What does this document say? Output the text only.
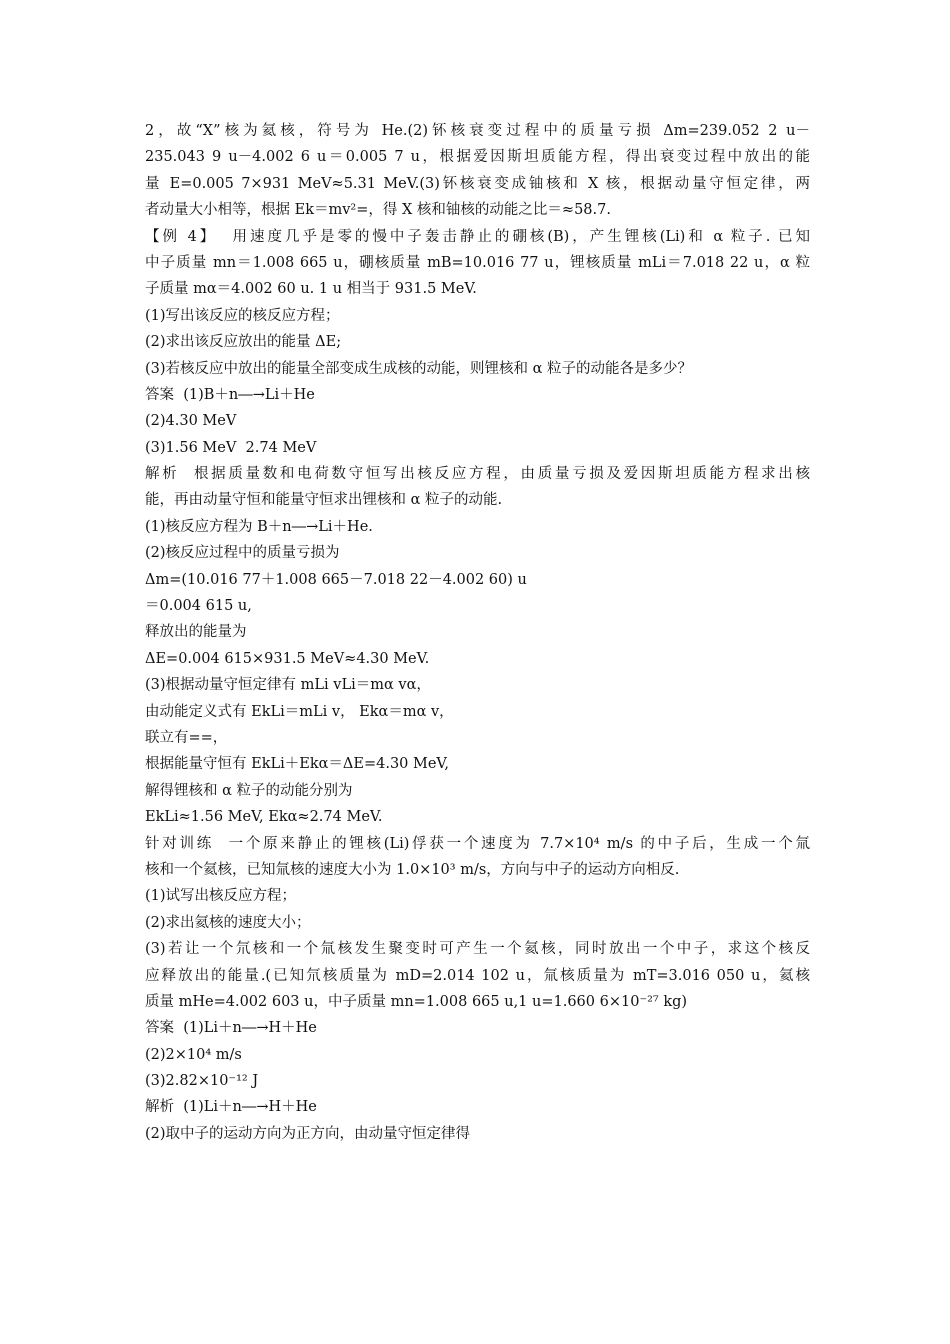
2，故“X”核为氦核，符号为 He.(2)钚核衰变过程中的质量亏损 Δm=239.052 2 u－
235.043 9 u－4.002 6 u＝0.005 7 u，根据爱因斯坦质能方程，得出衰变过程中放出的能
量 E=0.005 7×931 MeV≈5.31 MeV.(3)钚核衰变成铀核和 X 核，根据动量守恒定律，两
者动量大小相等，根据 Ek＝mv²=，得 X 核和铀核的动能之比＝≈58.7.
【例 4】  用速度几乎是零的慢中子轰击静止的硼核(B)，产生锂核(Li)和 α 粒子. 已知
中子质量 mn＝1.008 665 u，硼核质量 mB=10.016 77 u，锂核质量 mLi＝7.018 22 u，α 粒
子质量 mα＝4.002 60 u. 1 u 相当于 931.5 MeV.
(1)写出该反应的核反应方程；
(2)求出该反应放出的能量 ΔE;
(3)若核反应中放出的能量全部变成生成核的动能，则锂核和 α 粒子的动能各是多少？
答案  (1)B＋n―→Li＋He
(2)4.30 MeV
(3)1.56 MeV  2.74 MeV
解析  根据质量数和电荷数守恒写出核反应方程，由质量亏损及爱因斯坦质能方程求出核
能，再由动量守恒和能量守恒求出锂核和 α 粒子的动能.
(1)核反应方程为 B＋n―→Li＋He.
(2)核反应过程中的质量亏损为
Δm=(10.016 77＋1.008 665－7.018 22－4.002 60) u
＝0.004 615 u,
释放出的能量为
ΔE=0.004 615×931.5 MeV≈4.30 MeV.
(3)根据动量守恒定律有 mLi vLi＝mα vα，
由动能定义式有 EkLi＝mLi v， Ekα＝mα v，
联立有==，
根据能量守恒有 EkLi＋Ekα＝ΔE=4.30 MeV,
解得锂核和 α 粒子的动能分别为
EkLi≈1.56 MeV, Ekα≈2.74 MeV.
针对训练  一个原来静止的锂核(Li)俘获一个速度为 7.7×10⁴ m/s 的中子后，生成一个氚
核和一个氦核，已知氚核的速度大小为 1.0×10³ m/s，方向与中子的运动方向相反.
(1)试写出核反应方程；
(2)求出氦核的速度大小；
(3)若让一个氘核和一个氚核发生聚变时可产生一个氦核，同时放出一个中子，求这个核反
应释放出的能量.(已知氘核质量为 mD=2.014 102 u，氚核质量为 mT=3.016 050 u，氦核
质量 mHe=4.002 603 u，中子质量 mn=1.008 665 u,1 u=1.660 6×10⁻²⁷ kg)
答案  (1)Li＋n―→H＋He
(2)2×10⁴ m/s
(3)2.82×10⁻¹² J
解析  (1)Li＋n―→H＋He
(2)取中子的运动方向为正方向，由动量守恒定律得
